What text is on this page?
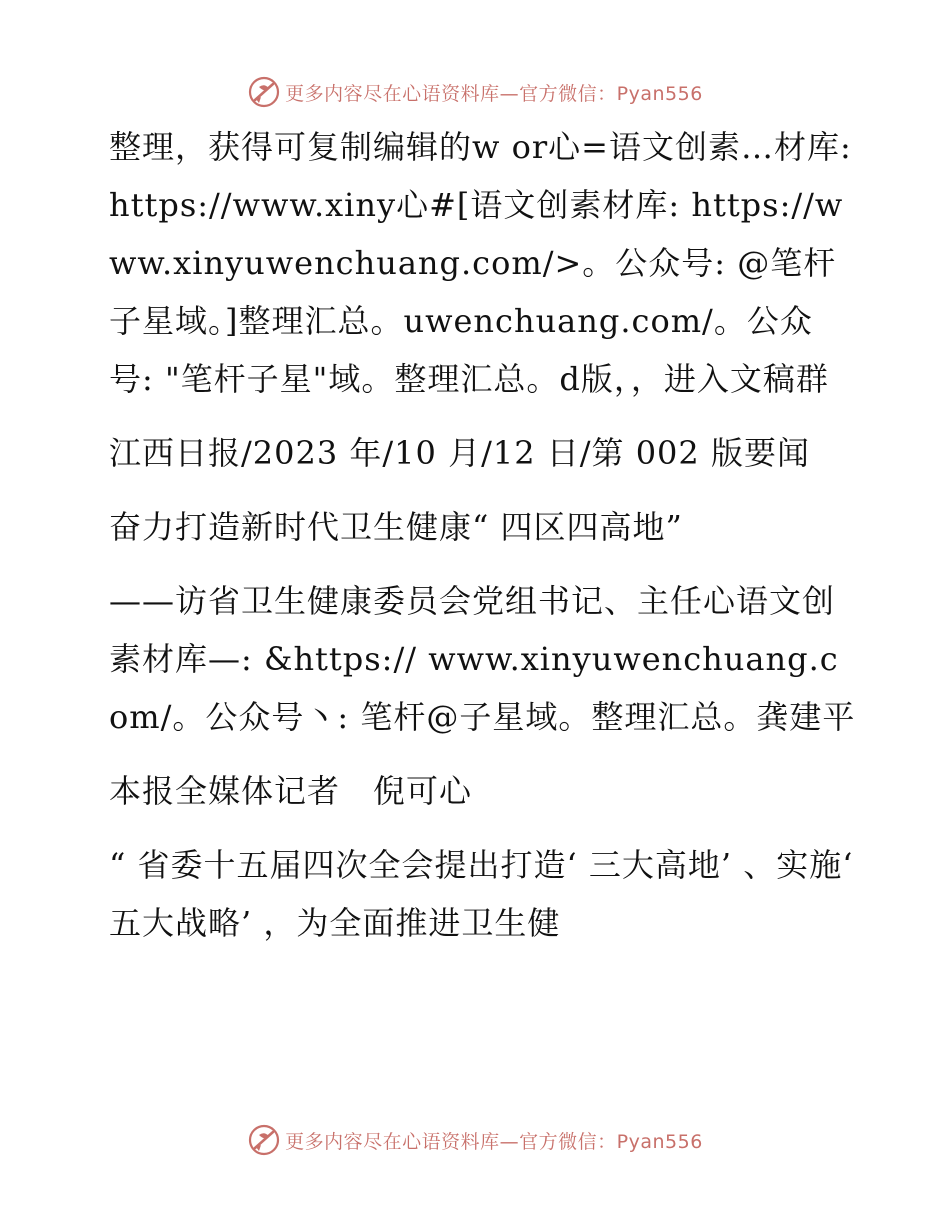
更多内容尽在心语资料库—官方微信：Pyan556

整理，获得可复制编辑的w or心=语文创素…材库: https://www.xiny心#[语文创素材库: https://www.xinyuwenchuang.com/>。公众号: @笔杆子星域。]整理汇总。uwenchuang.com/。公众号: "笔杆子星"域。整理汇总。d版，，进入文稿群

江西日报/2023 年/10 月/12 日/第 002 版要闻

奋力打造新时代卫生健康“ 四区四高地”

——访省卫生健康委员会党组书记、主任心语文创素材库—: &https:// www.xinyuwenchuang.com/。公众号丶: 笔杆@子星域。整理汇总。龚建平

本报全媒体记者　倪可心

“ 省委十五届四次全会提出打造‘ 三大高地’ 、实施‘ 五大战略’ ，为全面推进卫生健

更多内容尽在心语资料库—官方微信：Pyan556
